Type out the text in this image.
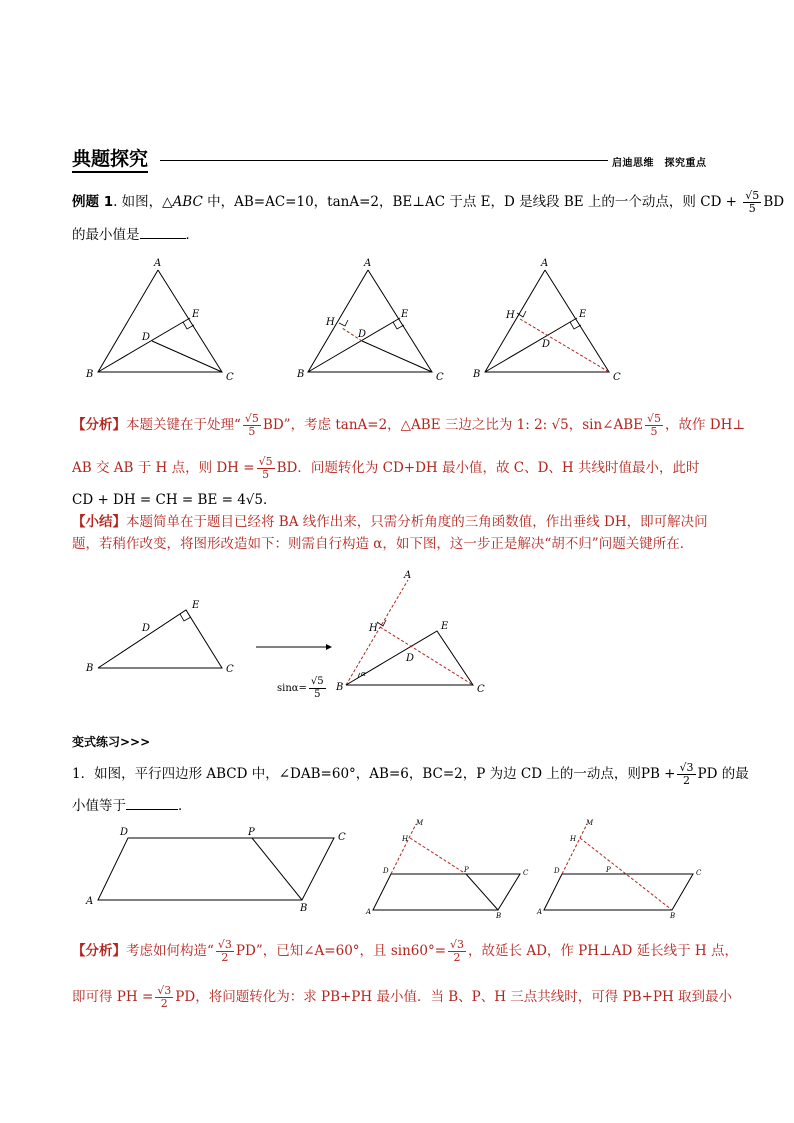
典题探究	启迪思维　探究重点
例题 1. 如图，△ABC 中，AB=AC=10，tanA=2，BE⊥AC 于点 E，D 是线段 BE 上的一个动点，则 CD + $\frac{√5}{5}$ BD
的最小值是	．
A
B	C
D
E
A
B	C
D
E
H
A
B	C
D
E
H
【分析】本题关键在于处理“ $\frac{√5}{5}$ BD”，考虑 tanA=2，△ABE 三边之比为 1: 2: √5，sin∠ABE $\frac{√5}{5}$ ，故作 DH⊥
AB 交 AB 于 H 点，则 DH = $\frac{√5}{5}$ BD．问题转化为 CD+DH 最小值，故 C、D、H 共线时值最小，此时
CD + DH = CH = BE = 4√5．
【小结】本题简单在于题目已经将 BA 线作出来，只需分析角度的三角函数值，作出垂线 DH，即可解决问
题，若稍作改变，将图形改造如下：则需自行构造 α，如下图，这一步正是解决“胡不归”问题关键所在．
B	C
D
E
A
B	C
D
E
H
α
$\sin\alpha= \frac{√5}{5}$
变式练习>>>
1．如图，平行四边形 ABCD 中，∠DAB=60°，AB=6，BC=2，P 为边 CD 上的一动点，则PB + $\frac{√3}{2}$ PD 的最
小值等于	．
A
D	P	C
B	A
D	P	C
B
H
M
A
D	P	C
B
H
M
【分析】考虑如何构造“ $\frac{√3}{2}$ PD”，已知∠A=60°，且 $\sin 60^\circ= \frac{√3}{2}$ ，故延长 AD，作 PH⊥AD 延长线于 H 点，
即可得 PH = $\frac{√3}{2}$ PD，将问题转化为：求 PB+PH 最小值．当 B、P、H 三点共线时，可得 PB+PH 取到最小
